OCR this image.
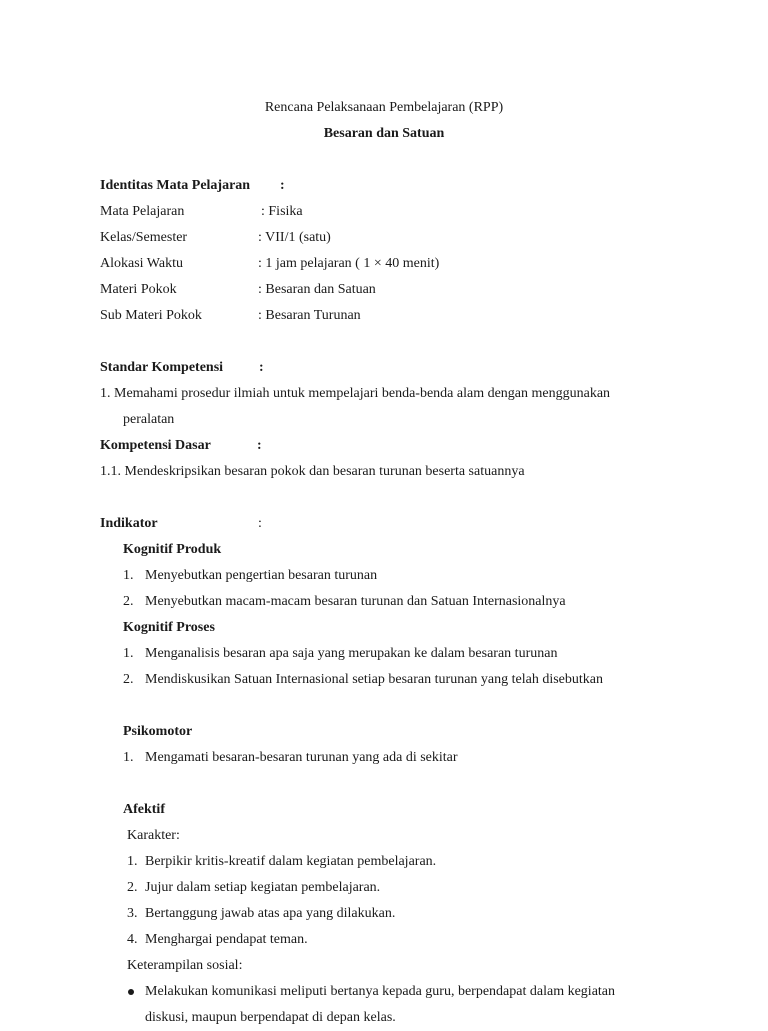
Rencana Pelaksanaan Pembelajaran (RPP)
Besaran dan Satuan
Identitas Mata Pelajaran :
Mata Pelajaran	: Fisika
Kelas/Semester	: VII/1 (satu)
Alokasi Waktu	: 1 jam pelajaran ( 1 × 40 menit)
Materi Pokok	: Besaran dan Satuan
Sub Materi Pokok	: Besaran Turunan
Standar Kompetensi	:
1. Memahami prosedur ilmiah untuk mempelajari benda-benda alam dengan menggunakan
peralatan
Kompetensi Dasar	:
1.1. Mendeskripsikan besaran pokok dan besaran turunan beserta satuannya
Indikator	:
Kognitif Produk
1. Menyebutkan pengertian besaran turunan
2. Menyebutkan macam-macam besaran turunan dan Satuan Internasionalnya
Kognitif Proses
1. Menganalisis besaran apa saja yang merupakan ke dalam besaran turunan
2. Mendiskusikan Satuan Internasional setiap besaran turunan yang telah disebutkan
Psikomotor
1. Mengamati besaran-besaran turunan yang ada di sekitar
Afektif
Karakter:
1. Berpikir kritis-kreatif dalam kegiatan pembelajaran.
2. Jujur dalam setiap kegiatan pembelajaran.
3. Bertanggung jawab atas apa yang dilakukan.
4. Menghargai pendapat teman.
Keterampilan sosial:
Melakukan komunikasi meliputi bertanya kepada guru, berpendapat dalam kegiatan
diskusi, maupun berpendapat di depan kelas.
